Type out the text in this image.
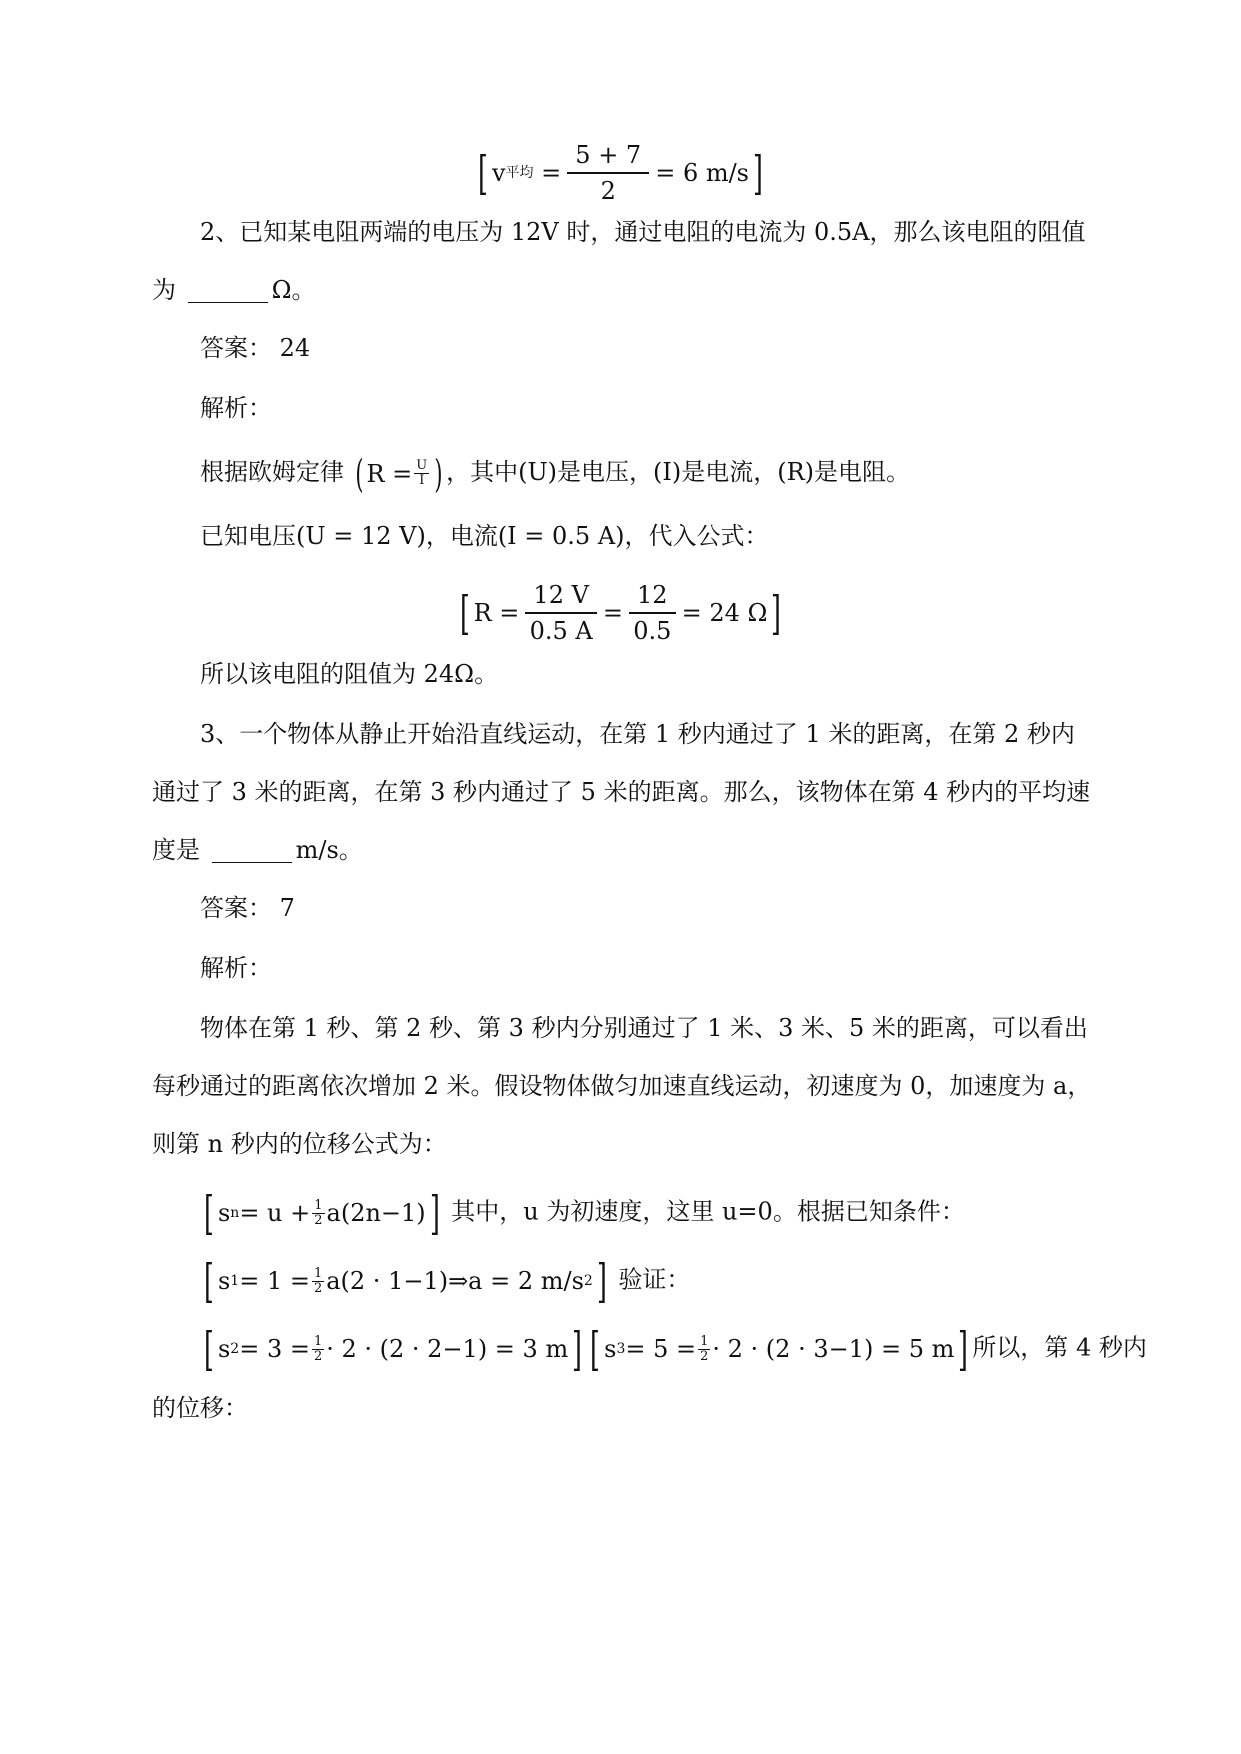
[ v 平均 = $\frac{5 + 7}{2} = 6$ m/s ]
2、已知某电阻两端的电压为 12V 时，通过电阻的电流为 0.5A，那么该电阻的阻值
为	Ω。
答案： 24
解析：
根据欧姆定律 ( $R = \frac{U}{I}$ ) ，其中(U)是电压，(I)是电流，(R)是电阻。
已知电压(U = 12 V)，电流(I = 0.5 A)，代入公式：
[ $R = \frac{12 V}{0.5 A} = \frac{12}{0.5} = 24$ Ω ]
所以该电阻的阻值为 24Ω。
3、一个物体从静止开始沿直线运动，在第 1 秒内通过了 1 米的距离，在第 2 秒内
通过了 3 米的距离，在第 3 秒内通过了 5 米的距离。那么，该物体在第 4 秒内的平均速
度是	m/s。
答案： 7
解析：
物体在第 1 秒、第 2 秒、第 3 秒内分别通过了 1 米、3 米、5 米的距离，可以看出
每秒通过的距离依次增加 2 米。假设物体做匀加速直线运动，初速度为 0，加速度为 a，
则第 n 秒内的位移公式为：
[ s $n = u + \frac{1}{2} a(2n-1)$ ] 其中，u 为初速度，这里 u=0。根据已知条件：
[ s $1 = 1 = \frac{1}{2} a(2$ · 1−1)⇒a = 2 m/s 2 ] 验证：
[ s $2 = 3 = \frac{1}{2} \cdot 2 \cdot (2 \cdot 2-1) = 3$ m ] [ s $3 = 5 = \frac{1}{2} \cdot 2 \cdot (2 \cdot 3-1) = 5$ m ] 所以，第 4 秒内
的位移：
